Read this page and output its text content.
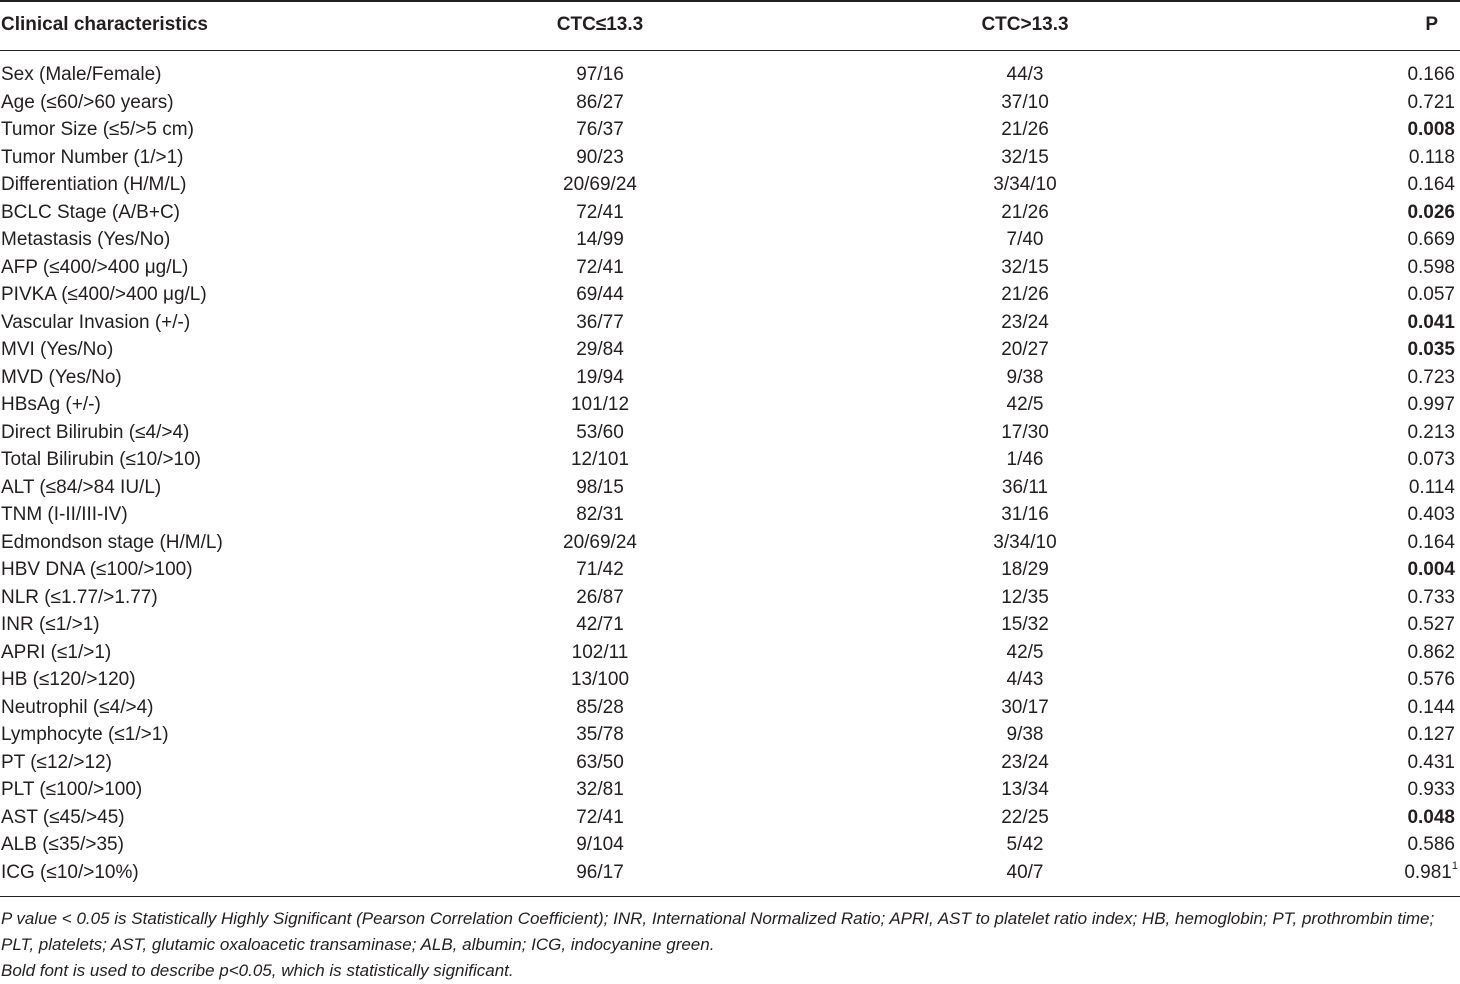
Clinical characteristics	CTC≤13.3	CTC>13.3	P
Sex (Male/Female)	97/16	44/3	0.166
Age (≤60/>60 years)	86/27	37/10	0.721
Tumor Size (≤5/>5 cm)	76/37	21/26	0.008
Tumor Number (1/>1)	90/23	32/15	0.118
Differentiation (H/M/L)	20/69/24	3/34/10	0.164
BCLC Stage (A/B+C)	72/41	21/26	0.026
Metastasis (Yes/No)	14/99	7/40	0.669
AFP (≤400/>400 μg/L)	72/41	32/15	0.598
PIVKA (≤400/>400 μg/L)	69/44	21/26	0.057
Vascular Invasion (+/-)	36/77	23/24	0.041
MVI (Yes/No)	29/84	20/27	0.035
MVD (Yes/No)	19/94	9/38	0.723
HBsAg (+/-)	101/12	42/5	0.997
Direct Bilirubin (≤4/>4)	53/60	17/30	0.213
Total Bilirubin (≤10/>10)	12/101	1/46	0.073
ALT (≤84/>84 IU/L)	98/15	36/11	0.114
TNM (I-II/III-IV)	82/31	31/16	0.403
Edmondson stage (H/M/L)	20/69/24	3/34/10	0.164
HBV DNA (≤100/>100)	71/42	18/29	0.004
NLR (≤1.77/>1.77)	26/87	12/35	0.733
INR (≤1/>1)	42/71	15/32	0.527
APRI (≤1/>1)	102/11	42/5	0.862
HB (≤120/>120)	13/100	4/43	0.576
Neutrophil (≤4/>4)	85/28	30/17	0.144
Lymphocyte (≤1/>1)	35/78	9/38	0.127
PT (≤12/>12)	63/50	23/24	0.431
PLT (≤100/>100)	32/81	13/34	0.933
AST (≤45/>45)	72/41	22/25	0.048
ALB (≤35/>35)	9/104	5/42	0.586
ICG (≤10/>10%)	96/17	40/7	0.981$^1$

P value < 0.05 is Statistically Highly Significant (Pearson Correlation Coefficient); INR, International Normalized Ratio; APRI, AST to platelet ratio index; HB, hemoglobin; PT, prothrombin time; PLT, platelets; AST, glutamic oxaloacetic transaminase; ALB, albumin; ICG, indocyanine green.

Bold font is used to describe p<0.05, which is statistically significant.
